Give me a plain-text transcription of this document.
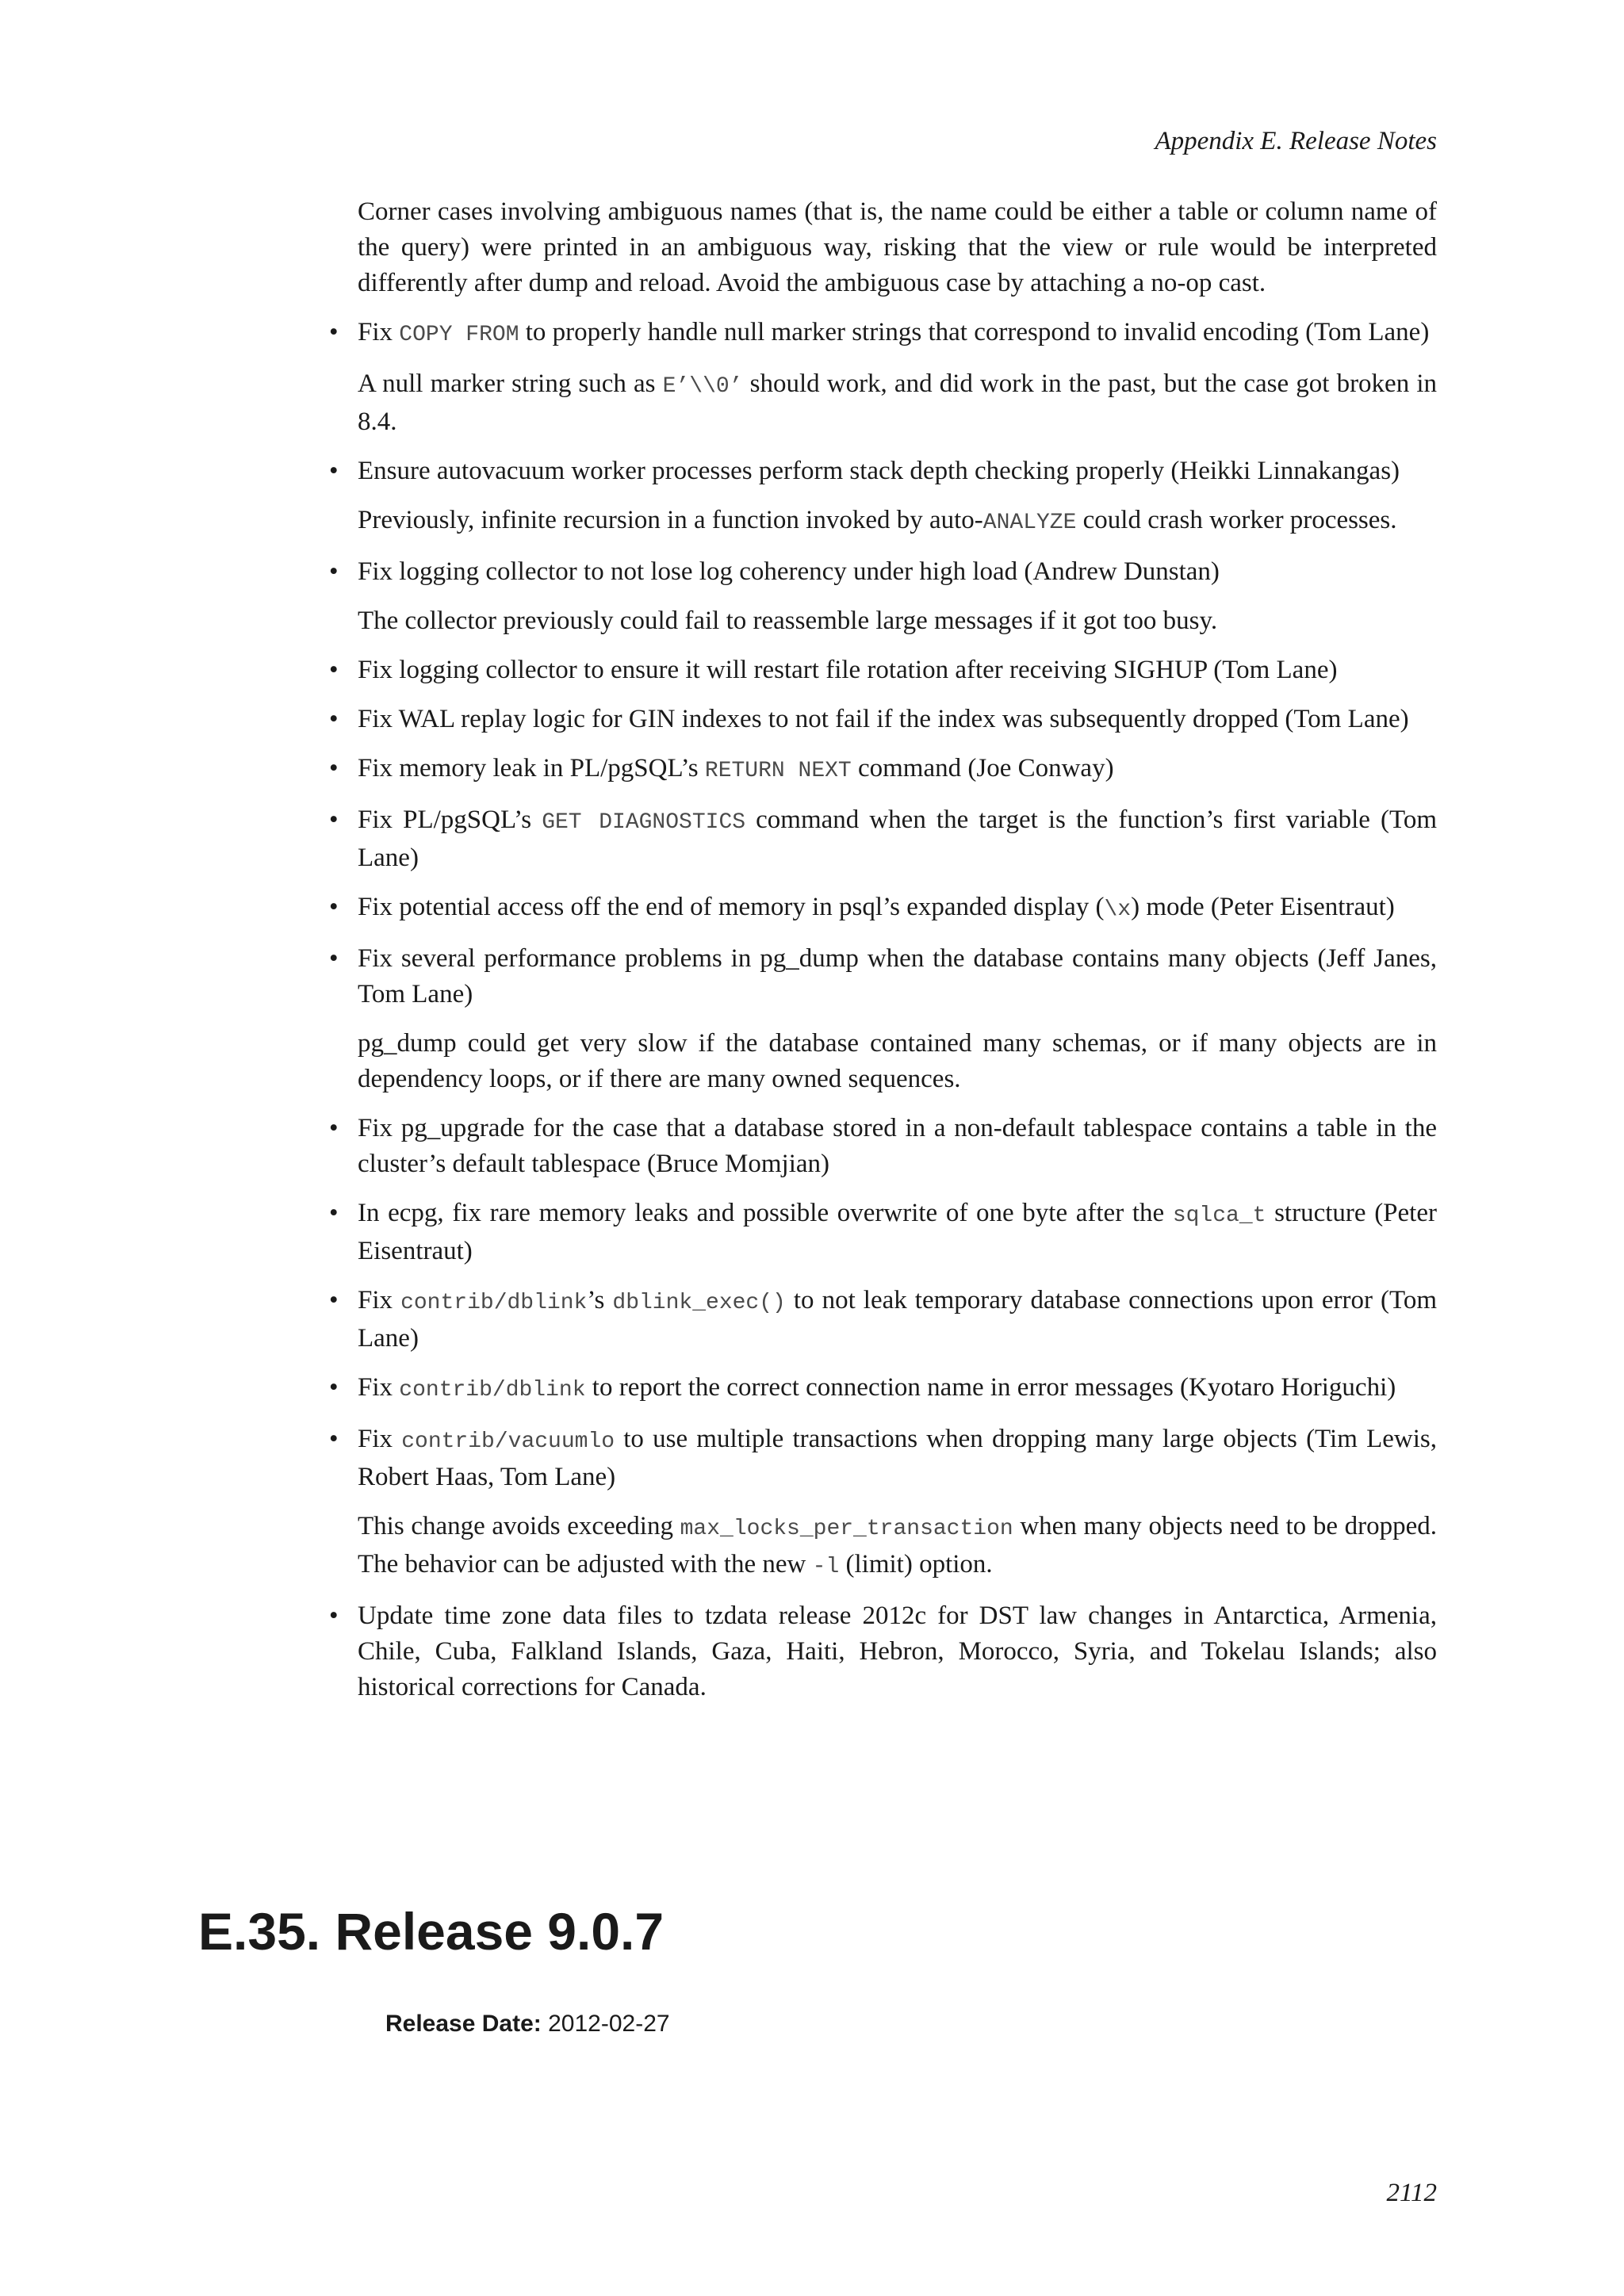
Appendix E. Release Notes

Corner cases involving ambiguous names (that is, the name could be either a table or column name of the query) were printed in an ambiguous way, risking that the view or rule would be interpreted differently after dump and reload. Avoid the ambiguous case by attaching a no-op cast.

• Fix COPY FROM to properly handle null marker strings that correspond to invalid encoding (Tom Lane)
A null marker string such as E’\\0’ should work, and did work in the past, but the case got broken in 8.4.
• Ensure autovacuum worker processes perform stack depth checking properly (Heikki Linnakangas)
Previously, infinite recursion in a function invoked by auto-ANALYZE could crash worker processes.
• Fix logging collector to not lose log coherency under high load (Andrew Dunstan)
The collector previously could fail to reassemble large messages if it got too busy.
• Fix logging collector to ensure it will restart file rotation after receiving SIGHUP (Tom Lane)
• Fix WAL replay logic for GIN indexes to not fail if the index was subsequently dropped (Tom Lane)
• Fix memory leak in PL/pgSQL’s RETURN NEXT command (Joe Conway)
• Fix PL/pgSQL’s GET DIAGNOSTICS command when the target is the function’s first variable (Tom Lane)
• Fix potential access off the end of memory in psql’s expanded display (\x) mode (Peter Eisentraut)
• Fix several performance problems in pg_dump when the database contains many objects (Jeff Janes, Tom Lane)
pg_dump could get very slow if the database contained many schemas, or if many objects are in dependency loops, or if there are many owned sequences.
• Fix pg_upgrade for the case that a database stored in a non-default tablespace contains a table in the cluster’s default tablespace (Bruce Momjian)
• In ecpg, fix rare memory leaks and possible overwrite of one byte after the sqlca_t structure (Peter Eisentraut)
• Fix contrib/dblink’s dblink_exec() to not leak temporary database connections upon error (Tom Lane)
• Fix contrib/dblink to report the correct connection name in error messages (Kyotaro Horiguchi)
• Fix contrib/vacuumlo to use multiple transactions when dropping many large objects (Tim Lewis, Robert Haas, Tom Lane)
This change avoids exceeding max_locks_per_transaction when many objects need to be dropped. The behavior can be adjusted with the new -l (limit) option.
• Update time zone data files to tzdata release 2012c for DST law changes in Antarctica, Armenia, Chile, Cuba, Falkland Islands, Gaza, Haiti, Hebron, Morocco, Syria, and Tokelau Islands; also historical corrections for Canada.
E.35. Release 9.0.7
Release Date: 2012-02-27
2112
